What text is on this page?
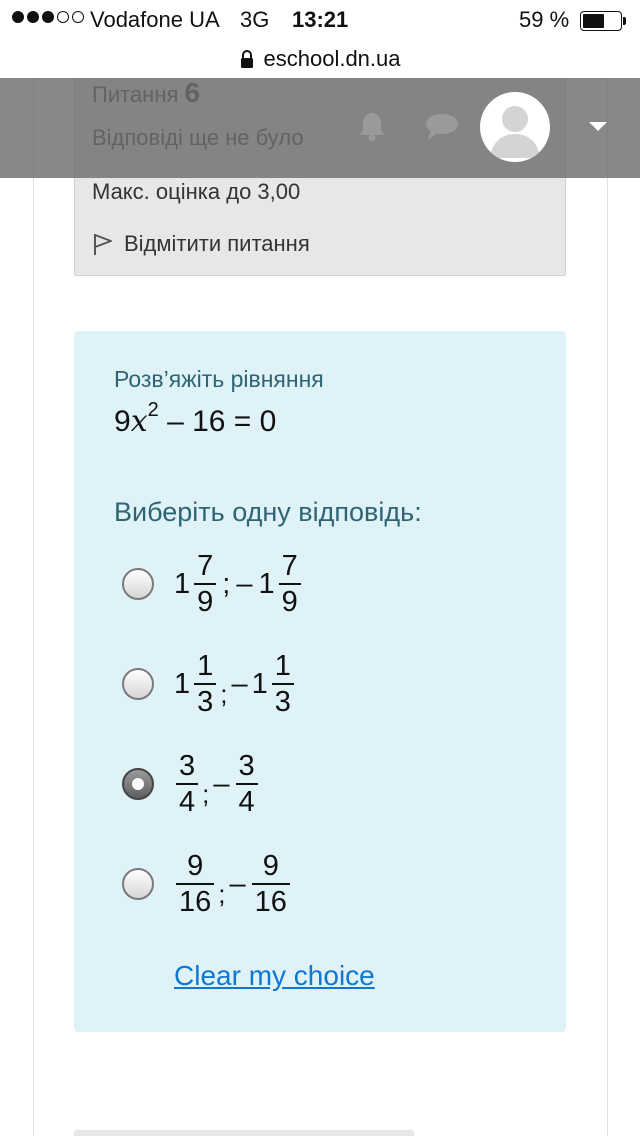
Макс. оцінка до 3,00
Відмітити питання
Розв’яжіть рівняння
$9x^2 - 16 = 0$
Виберіть одну відповідь:
$1 \frac{7}{9}$ ; – $1 \frac{7}{9}$
$1 \frac{1}{3}$ ; – $1 \frac{1}{3}$
$\frac{3}{4}$ ; – $\frac{3}{4}$
$\frac{9}{16}$ ; – $\frac{9}{16}$
Clear my choice
eschool.dn.ua
Vodafone UA 3G 13:21	59 %
